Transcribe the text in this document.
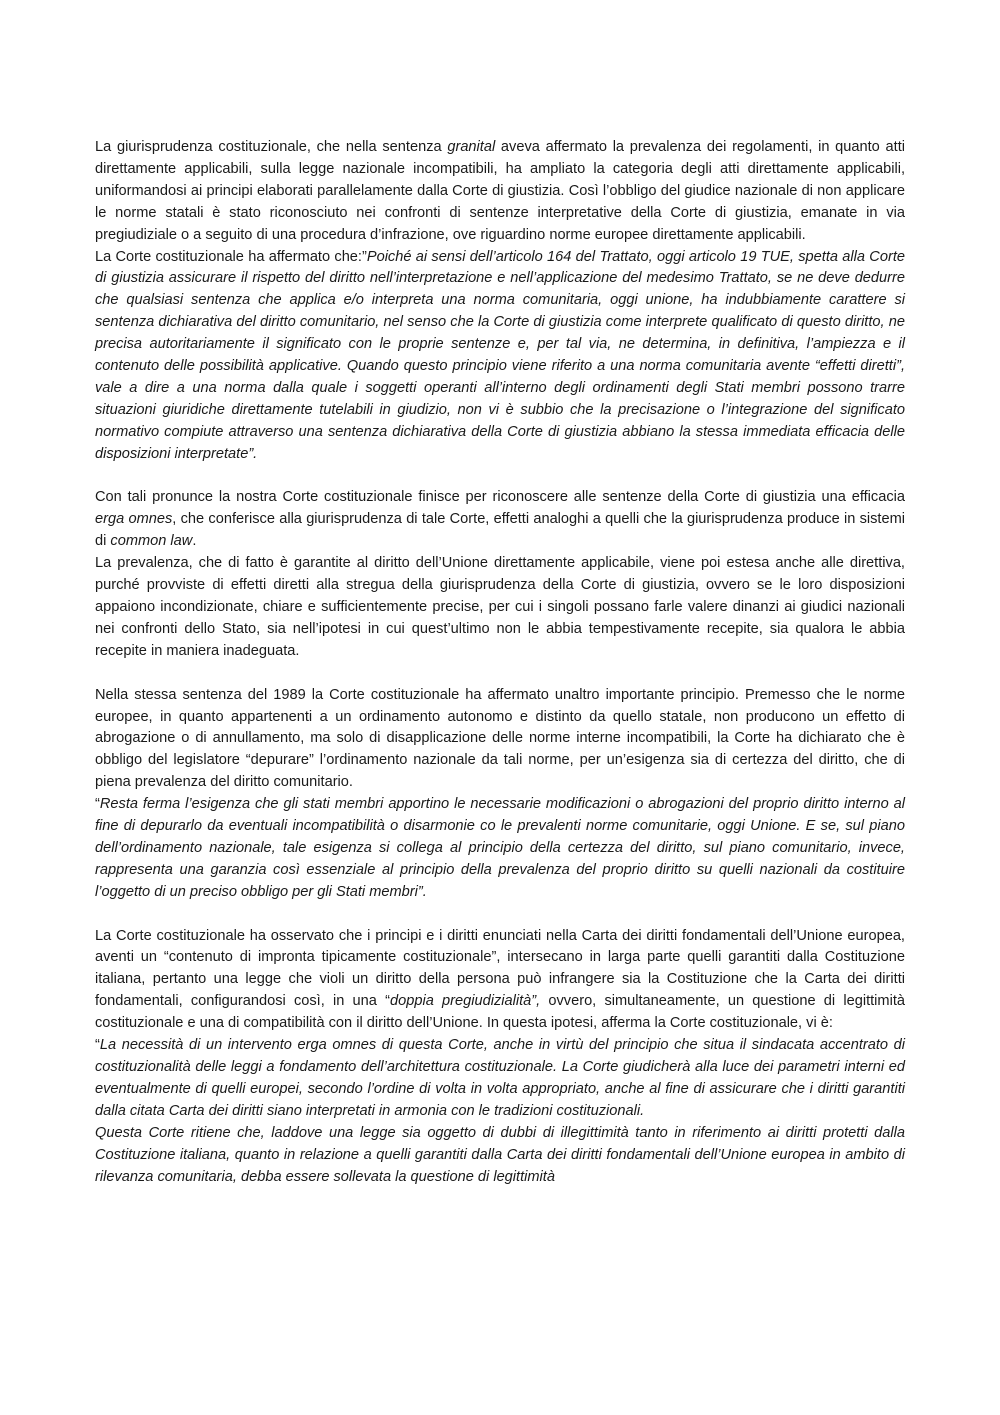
La giurisprudenza costituzionale, che nella sentenza granital aveva affermato la prevalenza dei regolamenti, in quanto atti direttamente applicabili, sulla legge nazionale incompatibili, ha ampliato la categoria degli atti direttamente applicabili, uniformandosi ai principi elaborati parallelamente dalla Corte di giustizia. Così l’obbligo del giudice nazionale di non applicare le norme statali è stato riconosciuto nei confronti di sentenze interpretative della Corte di giustizia, emanate in via pregiudiziale o a seguito di una procedura d’infrazione, ove riguardino norme europee direttamente applicabili.

La Corte costituzionale ha affermato che:”Poiché ai sensi dell’articolo 164 del Trattato, oggi articolo 19 TUE, spetta alla Corte di giustizia assicurare il rispetto del diritto nell’interpretazione e nell’applicazione del medesimo Trattato, se ne deve dedurre che qualsiasi sentenza che applica e/o interpreta una norma comunitaria, oggi unione, ha indubbiamente carattere si sentenza dichiarativa del diritto comunitario, nel senso che la Corte di giustizia come interprete qualificato di questo diritto, ne precisa autoritariamente il significato con le proprie sentenze e, per tal via, ne determina, in definitiva, l’ampiezza e il contenuto delle possibilità applicative. Quando questo principio viene riferito a una norma comunitaria avente “effetti diretti”, vale a dire a una norma dalla quale i soggetti operanti all’interno degli ordinamenti degli Stati membri possono trarre situazioni giuridiche direttamente tutelabili in giudizio, non vi è subbio che la precisazione o l’integrazione del significato normativo compiute attraverso una sentenza dichiarativa della Corte di giustizia abbiano la stessa immediata efficacia delle disposizioni interpretate”.

Con tali pronunce la nostra Corte costituzionale finisce per riconoscere alle sentenze della Corte di giustizia una efficacia erga omnes, che conferisce alla giurisprudenza di tale Corte, effetti analoghi a quelli che la giurisprudenza produce in sistemi di common law.

La prevalenza, che di fatto è garantite al diritto dell’Unione direttamente applicabile, viene poi estesa anche alle direttiva, purché provviste di effetti diretti alla stregua della giurisprudenza della Corte di giustizia, ovvero se le loro disposizioni appaiono incondizionate, chiare e sufficientemente precise, per cui i singoli possano farle valere dinanzi ai giudici nazionali nei confronti dello Stato, sia nell’ipotesi in cui quest’ultimo non le abbia tempestivamente recepite, sia qualora le abbia recepite in maniera inadeguata.

Nella stessa sentenza del 1989 la Corte costituzionale ha affermato unaltro importante principio. Premesso che le norme europee, in quanto appartenenti a un ordinamento autonomo e distinto da quello statale, non producono un effetto di abrogazione o di annullamento, ma solo di disapplicazione delle norme interne incompatibili, la Corte ha dichiarato che è obbligo del legislatore “depurare” l’ordinamento nazionale da tali norme, per un’esigenza sia di certezza del diritto, che di piena prevalenza del diritto comunitario.

“Resta ferma l’esigenza che gli stati membri apportino le necessarie modificazioni o abrogazioni del proprio diritto interno al fine di depurarlo da eventuali incompatibilità o disarmonie co le prevalenti norme comunitarie, oggi Unione. E se, sul piano dell’ordinamento nazionale, tale esigenza si collega al principio della certezza del diritto, sul piano comunitario, invece, rappresenta una garanzia così essenziale al principio della prevalenza del proprio diritto su quelli nazionali da costituire l’oggetto di un preciso obbligo per gli Stati membri”.

La Corte costituzionale ha osservato che i principi e i diritti enunciati nella Carta dei diritti fondamentali dell’Unione europea, aventi un “contenuto di impronta tipicamente costituzionale”, intersecano in larga parte quelli garantiti dalla Costituzione italiana, pertanto una legge che violi un diritto della persona può infrangere sia la Costituzione che la Carta dei diritti fondamentali, configurandosi così, in una “doppia pregiudizialità”, ovvero, simultaneamente, un questione di legittimità costituzionale e una di compatibilità con il diritto dell’Unione. In questa ipotesi, afferma la Corte costituzionale, vi è:

“La necessità di un intervento erga omnes di questa Corte, anche in virtù del principio che situa il sindacata accentrato di costituzionalità delle leggi a fondamento dell’architettura costituzionale. La Corte giudicherà alla luce dei parametri interni ed eventualmente di quelli europei, secondo l’ordine di volta in volta appropriato, anche al fine di assicurare che i diritti garantiti dalla citata Carta dei diritti siano interpretati in armonia con le tradizioni costituzionali.

Questa Corte ritiene che, laddove una legge sia oggetto di dubbi di illegittimità tanto in riferimento ai diritti protetti dalla Costituzione italiana, quanto in relazione a quelli garantiti dalla Carta dei diritti fondamentali dell’Unione europea in ambito di rilevanza comunitaria, debba essere sollevata la questione di legittimità
